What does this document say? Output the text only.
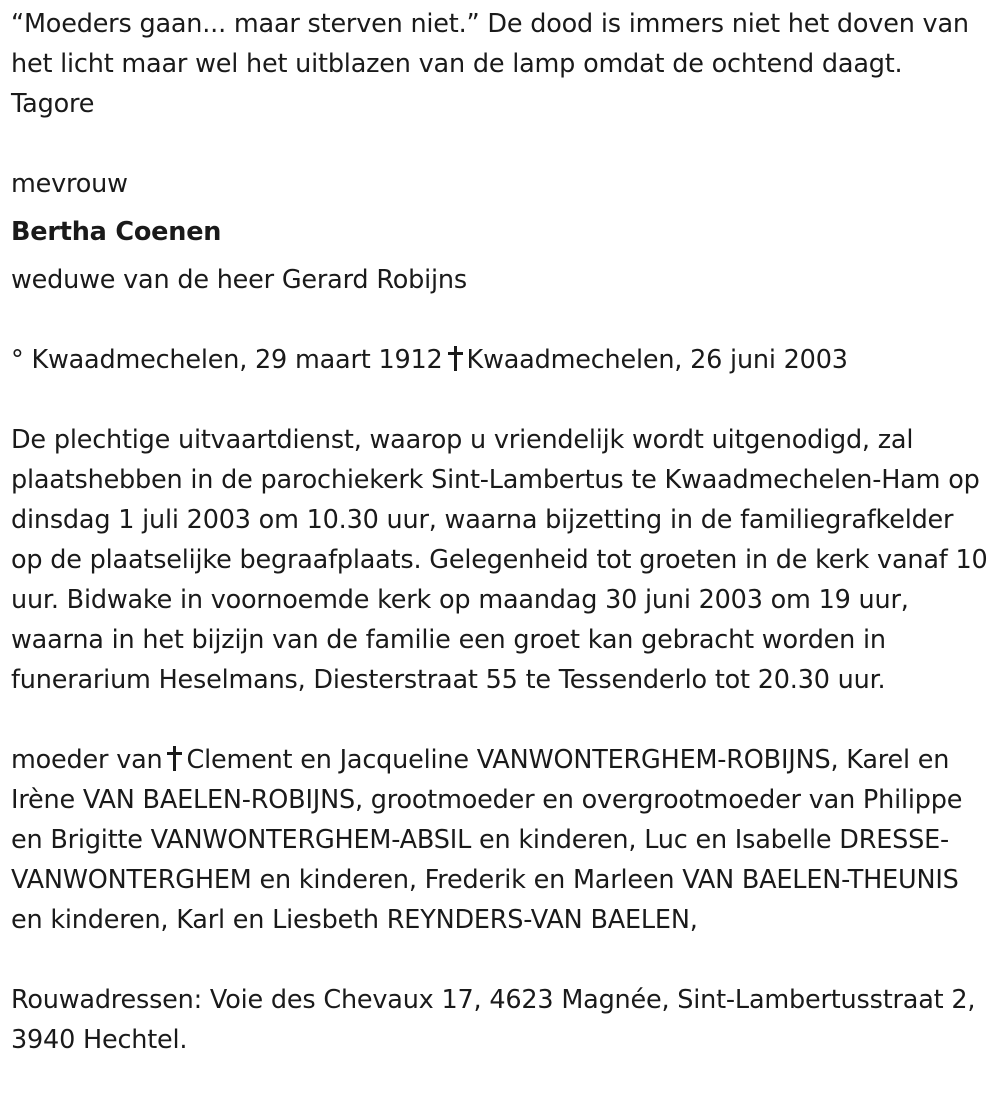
“Moeders gaan... maar sterven niet.” De dood is immers niet het doven van het licht maar wel het uitblazen van de lamp omdat de ochtend daagt. Tagore

mevrouw

Bertha Coenen

weduwe van de heer Gerard Robijns

° Kwaadmechelen, 29 maart 1912 Kwaadmechelen, 26 juni 2003

De plechtige uitvaartdienst, waarop u vriendelijk wordt uitgenodigd, zal plaatshebben in de parochiekerk Sint-Lambertus te Kwaadmechelen-Ham op dinsdag 1 juli 2003 om 10.30 uur, waarna bijzetting in de familiegrafkelder op de plaatselijke begraafplaats. Gelegenheid tot groeten in de kerk vanaf 10 uur. Bidwake in voornoemde kerk op maandag 30 juni 2003 om 19 uur, waarna in het bijzijn van de familie een groet kan gebracht worden in funerarium Heselmans, Diesterstraat 55 te Tessenderlo tot 20.30 uur.

moeder van Clement en Jacqueline VANWONTERGHEM-ROBIJNS, Karel en Irène VAN BAELEN-ROBIJNS, grootmoeder en overgrootmoeder van Philippe en Brigitte VANWONTERGHEM-ABSIL en kinderen, Luc en Isabelle DRESSE-VANWONTERGHEM en kinderen, Frederik en Marleen VAN BAELEN-THEUNIS en kinderen, Karl en Liesbeth REYNDERS-VAN BAELEN,

Rouwadressen: Voie des Chevaux 17, 4623 Magnée, Sint-Lambertusstraat 2, 3940 Hechtel.
